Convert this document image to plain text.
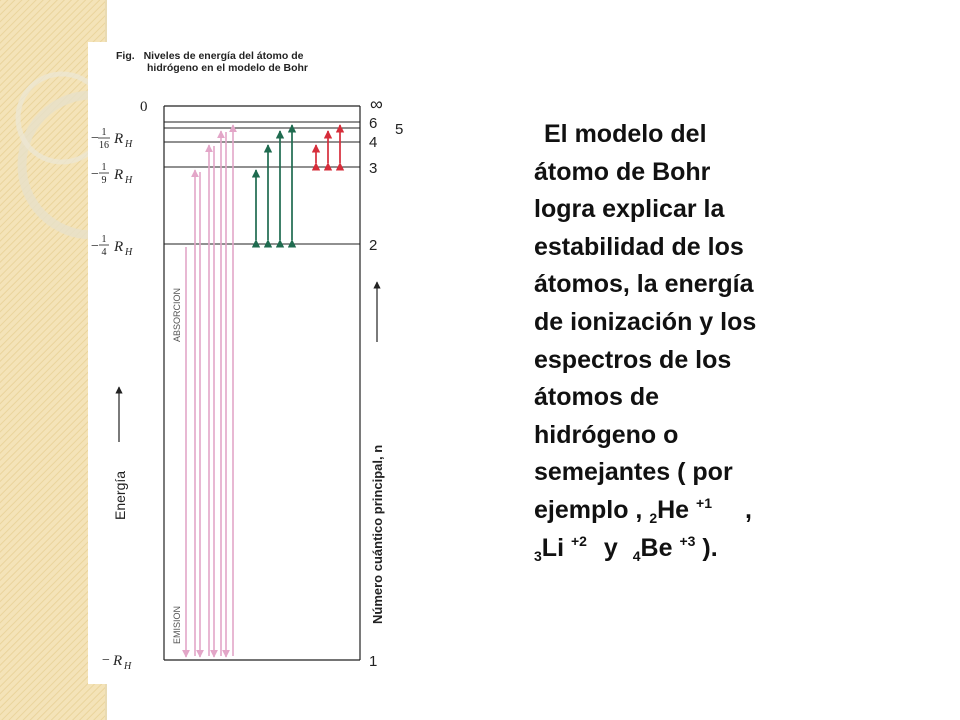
Fig. Niveles de energía del átomo de
hidrógeno en el modelo de Bohr
0
− 1
16 R H
− 1
9 R H
− 1
4 R H
− R H
∞
6 5
4
3
2
1
ABSORCION
EMISION
Energía	Número cuántico principal, n
El modelo del
átomo de Bohr
logra explicar la
estabilidad de los
átomos, la energía
de ionización y los
espectros de los
átomos de
hidrógeno o
semejantes ( por
ejemplo , $_2$He $^{+1}$ ,
$_3$Li $^{+2}$ y $_4$Be $^{+3}$ ).
